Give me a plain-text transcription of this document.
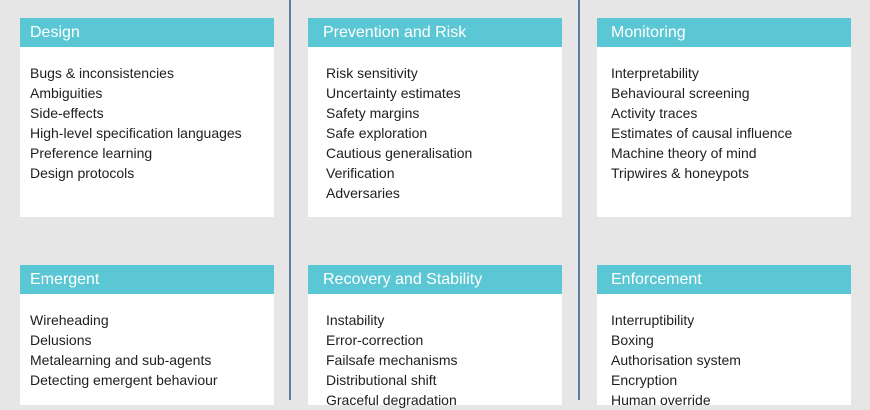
Design
Bugs & inconsistencies
Ambiguities
Side-effects
High-level specification languages
Preference learning
Design protocols
Emergent
Wireheading
Delusions
Metalearning and sub-agents
Detecting emergent behaviour
Prevention and Risk
Risk sensitivity
Uncertainty estimates
Safety margins
Safe exploration
Cautious generalisation
Verification
Adversaries
Recovery and Stability
Instability
Error-correction
Failsafe mechanisms
Distributional shift
Graceful degradation
Monitoring
Interpretability
Behavioural screening
Activity traces
Estimates of causal influence
Machine theory of mind
Tripwires & honeypots
Enforcement
Interruptibility
Boxing
Authorisation system
Encryption
Human override
